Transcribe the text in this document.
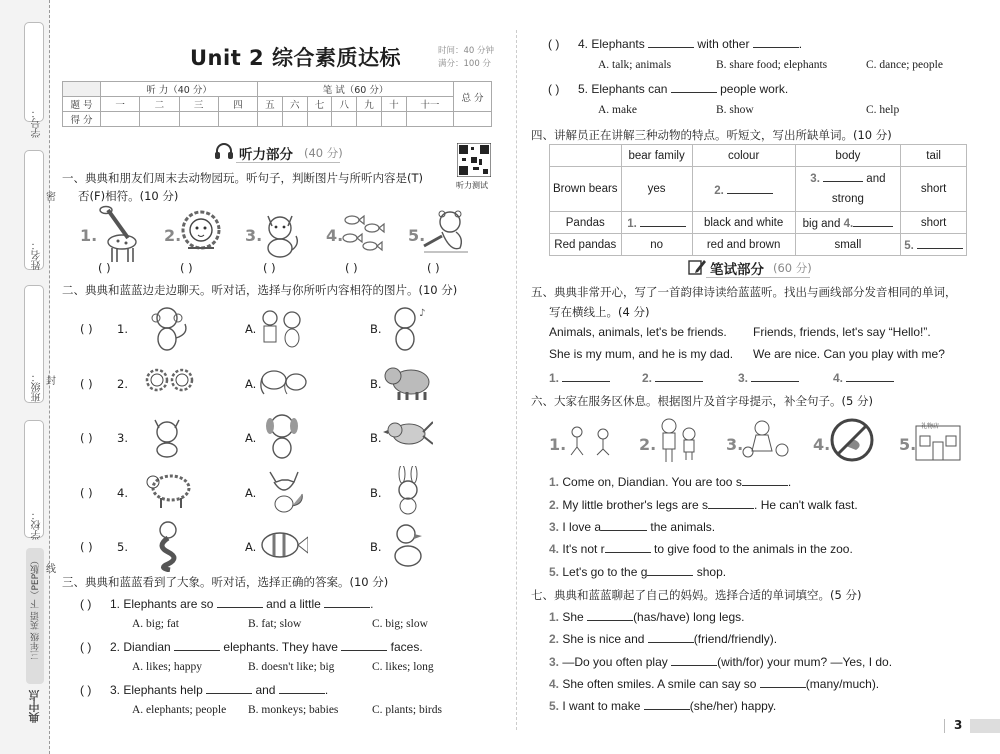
学号：
姓名：
班级：
学校：
密
封
线
三年级 英语 下（PEP版）
典中点
Unit 2 综合素质达标	时间：40 分钟
满分：100 分
	听 力（40 分）				笔 试（60 分）							总 分
题 号	一	二	三	四	五	六	七	八	九	十	十一	
得 分												
听力部分 (40 分)
听力测试
一、典典和朋友们周末去动物园玩。听句子，判断图片与所听内容是(T)
否(F)相符。(10 分)
1.	2.	3.	4.	5.
( )	( )	( )	( )	( )
二、典典和蓝蓝边走边聊天。听对话，选择与你所听内容相符的图片。(10 分)
( ) 1.	A.	B.
♪
( ) 2.	A.	B.
( ) 3.	A.	B.
( ) 4.	A.	B.
( ) 5.	A.	B.
三、典典和蓝蓝看到了大象。听对话，选择正确的答案。(10 分)
( ) 1. Elephants are so	and a little	.
A. big; fat	B. fat; slow	C. big; slow
( ) 2. Diandian	elephants. They have	faces.
A. likes; happy	B. doesn't like; big	C. likes; long
( ) 3. Elephants help	and	.
A. elephants; people B. monkeys; babies	C. plants; birds
( ) 4. Elephants	with other	.
A. talk; animals	B. share food; elephants	C. dance; people
( ) 5. Elephants can	people work.
A. make	B. show	C. help
四、讲解员正在讲解三种动物的特点。听短文，写出所缺单词。(10 分)
	bear family	colour	body	tail
Brown bears	yes	2.	3. and
strong	short
Pandas	1.	black and white	big and 4.	short
Red pandas	no	red and brown	small	5.
笔试部分 (60 分)
五、典典非常开心，写了一首韵律诗读给蓝蓝听。找出与画线部分发音相同的单词，
写在横线上。(4 分)
Animals, animals, let's be friends. Friends, friends, let's say “Hello!”.
She is my mum, and he is my dad. We are nice. Can you play with me?
1.	2.	3.	4.
六、大家在服务区休息。根据图片及首字母提示，补全句子。(5 分)
1.	2.	3.	4.	5.
礼物店
1. Come on, Diandian. You are too s	.
2. My little brother's legs are s	. He can't walk fast.
3. I love a	the animals.
4. It's not r	to give food to the animals in the zoo.
5. Let's go to the g	shop.
七、典典和蓝蓝聊起了自己的妈妈。选择合适的单词填空。(5 分)
1. She	(has/have) long legs.
2. She is nice and	(friend/friendly).
3. —Do you often play	(with/for) your mum? —Yes, I do.
4. She often smiles. A smile can say so	(many/much).
5. I want to make	(she/her) happy.
3
